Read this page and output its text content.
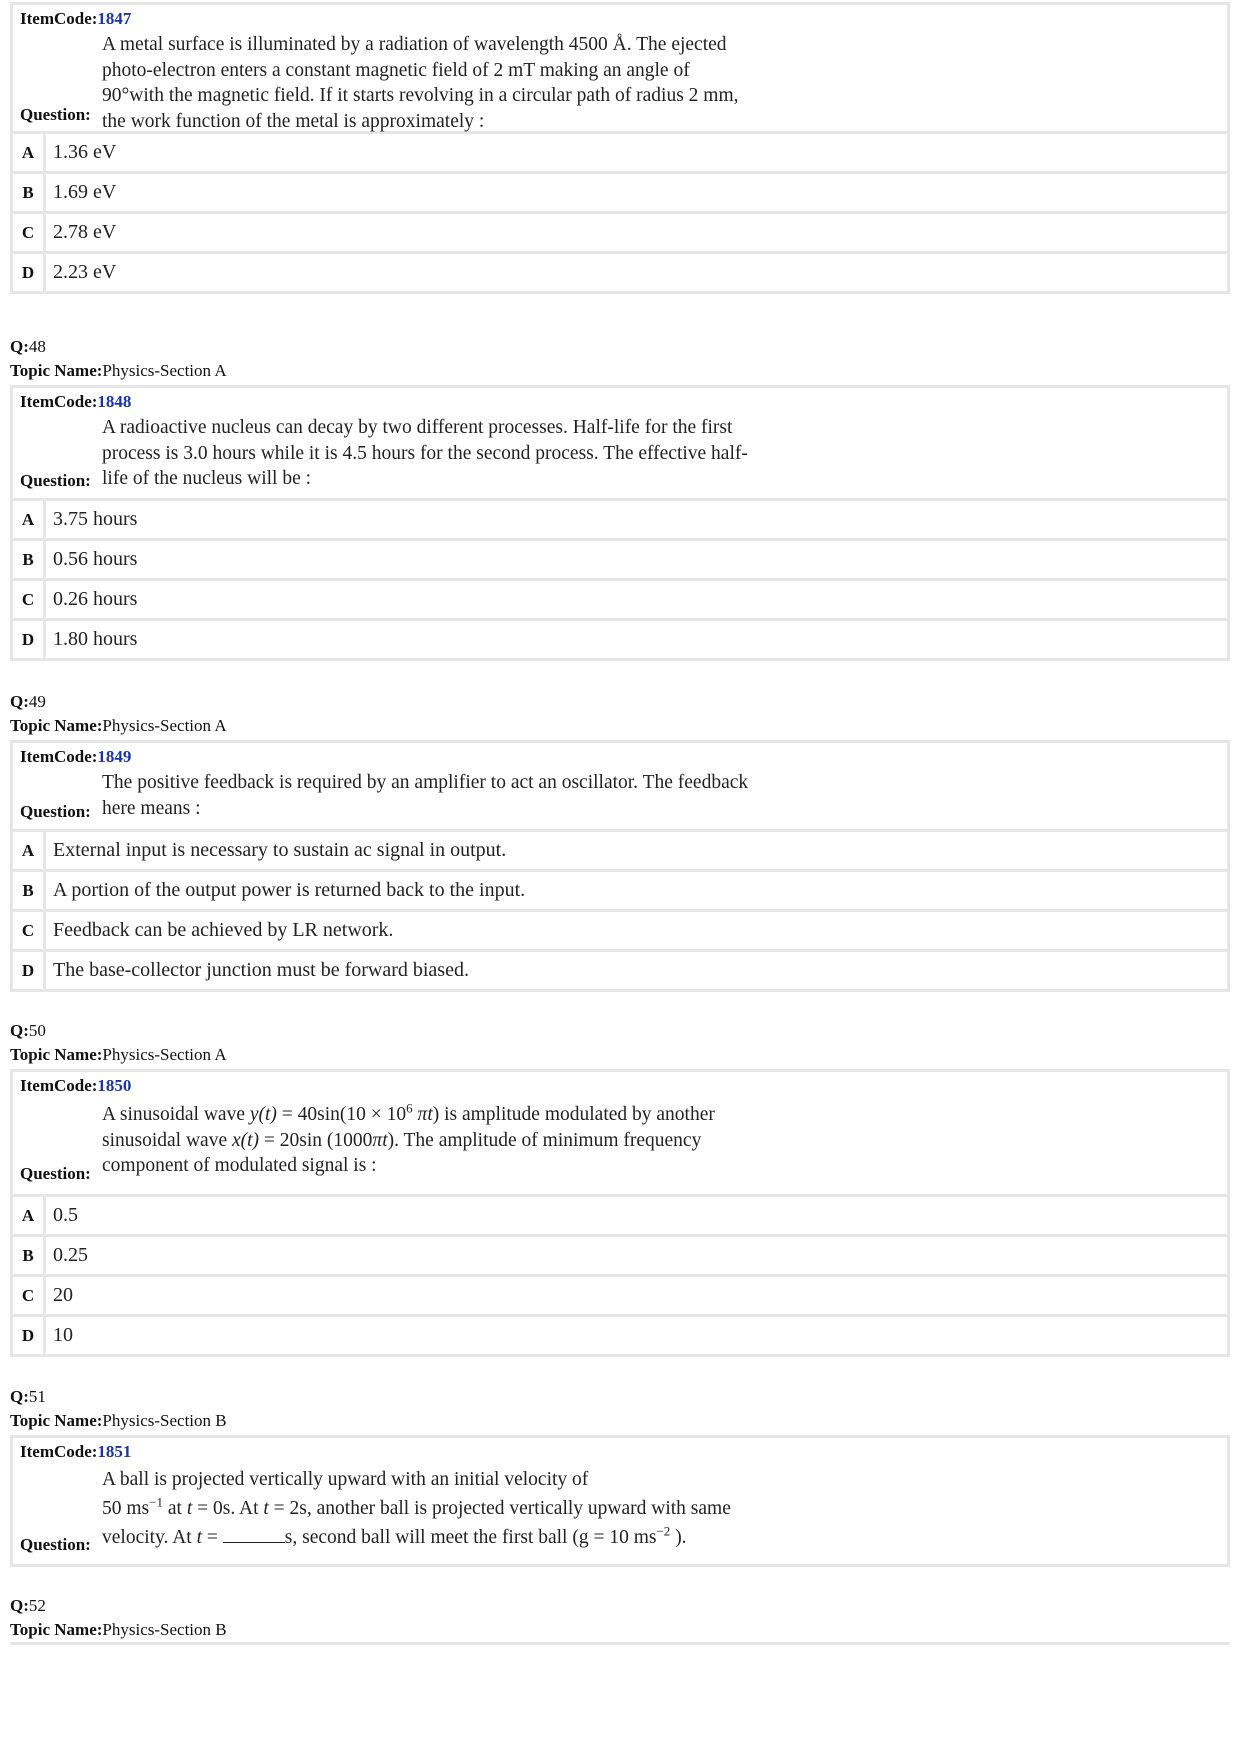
ItemCode:1847
A metal surface is illuminated by a radiation of wavelength 4500 Å. The ejected
photo-electron enters a constant magnetic field of 2 mT making an angle of
90°with the magnetic field. If it starts revolving in a circular path of radius 2 mm,
the work function of the metal is approximately :
Question:
A 1.36 eV
B 1.69 eV
C 2.78 eV
D 2.23 eV
Q:48
Topic Name:Physics-Section A
ItemCode:1848
A radioactive nucleus can decay by two different processes. Half-life for the first
process is 3.0 hours while it is 4.5 hours for the second process. The effective half-
life of the nucleus will be :
Question:
A 3.75 hours
B 0.56 hours
C 0.26 hours
D 1.80 hours
Q:49
Topic Name:Physics-Section A
ItemCode:1849
The positive feedback is required by an amplifier to act an oscillator. The feedback
here means :
Question:
A External input is necessary to sustain ac signal in output.
B A portion of the output power is returned back to the input.
C Feedback can be achieved by LR network.
D The base-collector junction must be forward biased.
Q:50
Topic Name:Physics-Section A
ItemCode:1850
A sinusoidal wave $y(t) = 40\sin(10 \times 10^6$ πt) is amplitude modulated by another
sinusoidal wave x(t) = 20sin (1000πt). The amplitude of minimum frequency
component of modulated signal is :
Question:
A 0.5
B 0.25
C 20
D 10
Q:51
Topic Name:Physics-Section B
ItemCode:1851
A ball is projected vertically upward with an initial velocity of
50 $ms^{-1}$ at t = 0s. At t = 2s, another ball is projected vertically upward with same
velocity. At t =	s, second ball will meet the first ball (g = 10 $ms^{-2}$ ).
Question:
Q:52
Topic Name:Physics-Section B
